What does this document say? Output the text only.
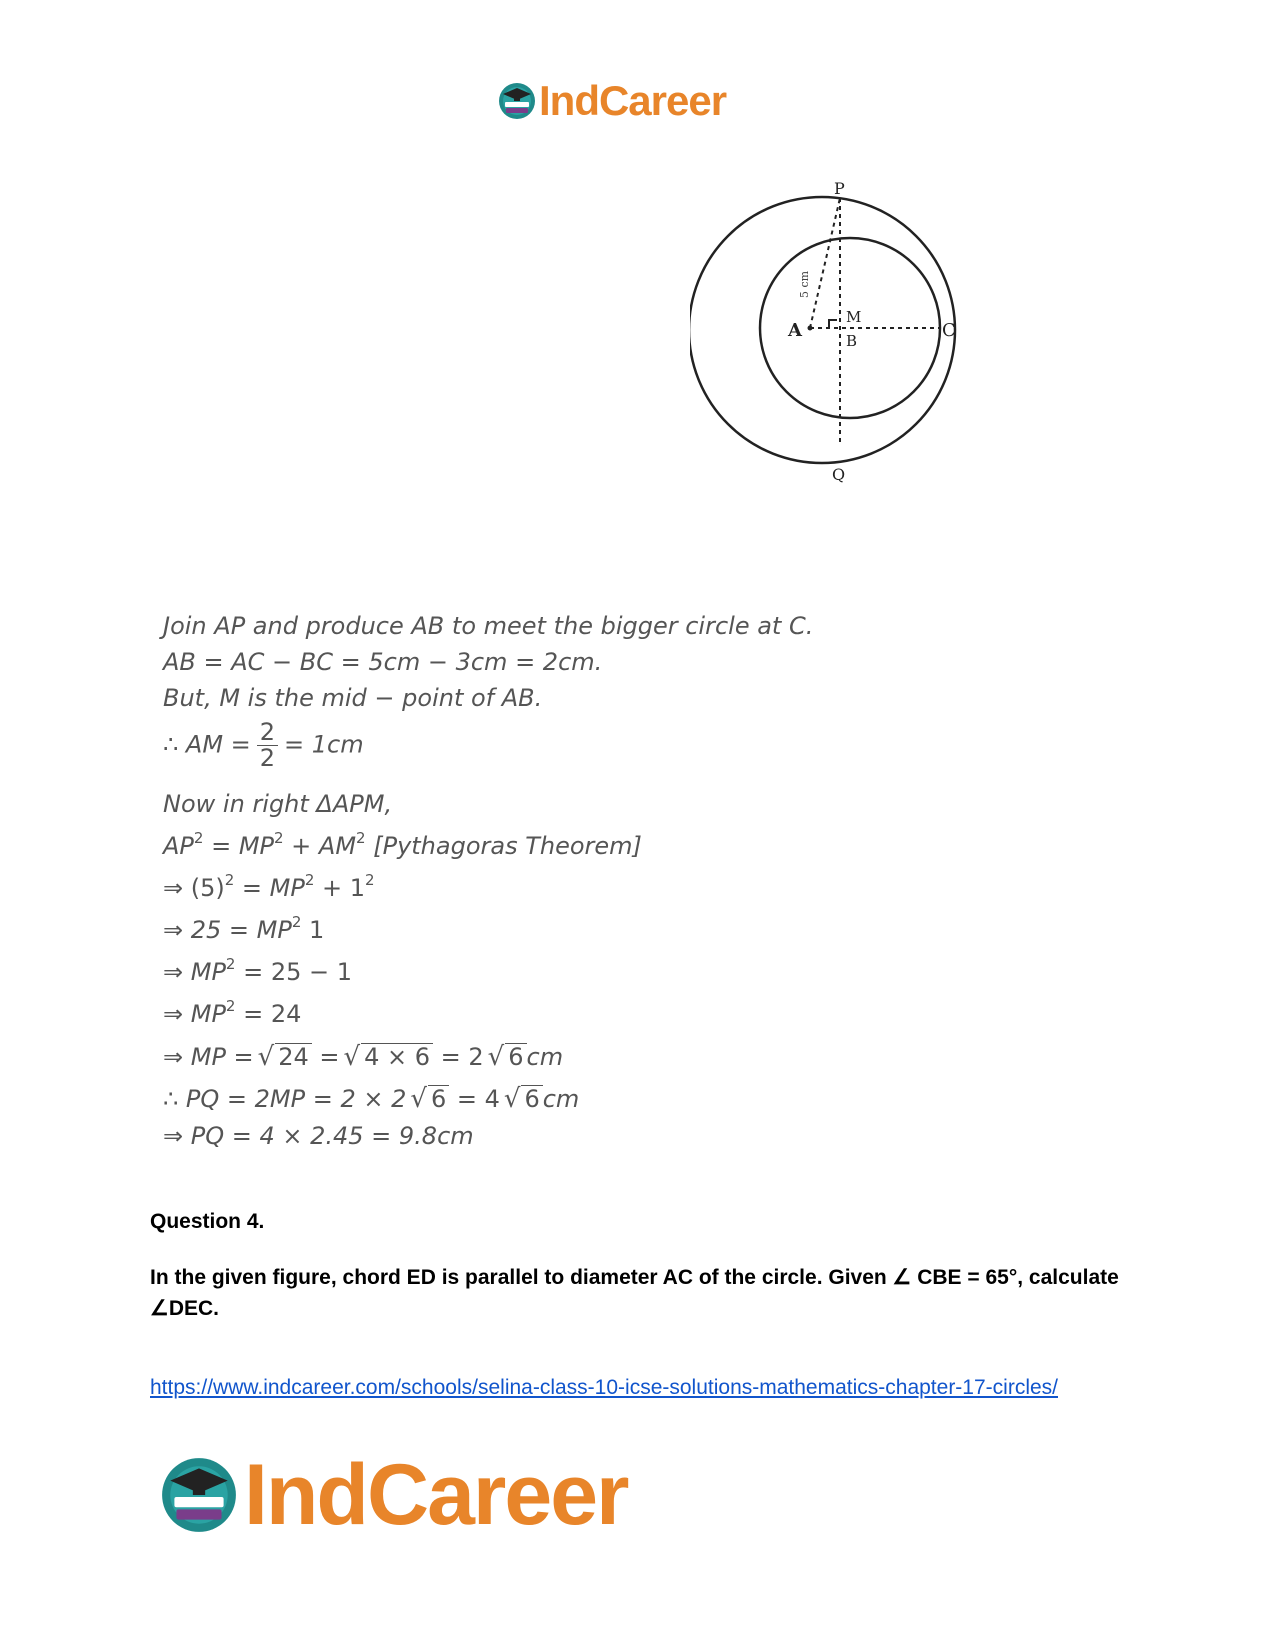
IndCareer
P
A
M
B	C
Q
5 cm
Join AP and produce AB to meet the bigger circle at C.
AB = AC − BC = 5cm − 3cm = 2cm.
But, M is the mid − point of AB.
∴ AM = $\frac{2}{2} = 1cm$
Now in right ΔAPM,
$AP^2 = MP^2 + AM^2$ [Pythagoras Theorem]
⇒ $(5)^2 = MP^2 + 1^2$
⇒ $25 = MP^2$ 1
⇒ $MP^2 = 25 - 1$
⇒ $MP^2 = 24$
⇒ MP = √ 24 = √ 4 × 6 = 2 √ 6 cm
∴ PQ = 2MP = 2 × 2 √ 6 = 4 √ 6 cm
⇒ PQ = 4 × 2.45 = 9.8cm
Question 4.
In the given figure, chord ED is parallel to diameter AC of the circle. Given ∠ CBE = 65°, calculate ∠DEC.
https://www.indcareer.com/schools/selina-class-10-icse-solutions-mathematics-chapter-17-circles/
IndCareer
